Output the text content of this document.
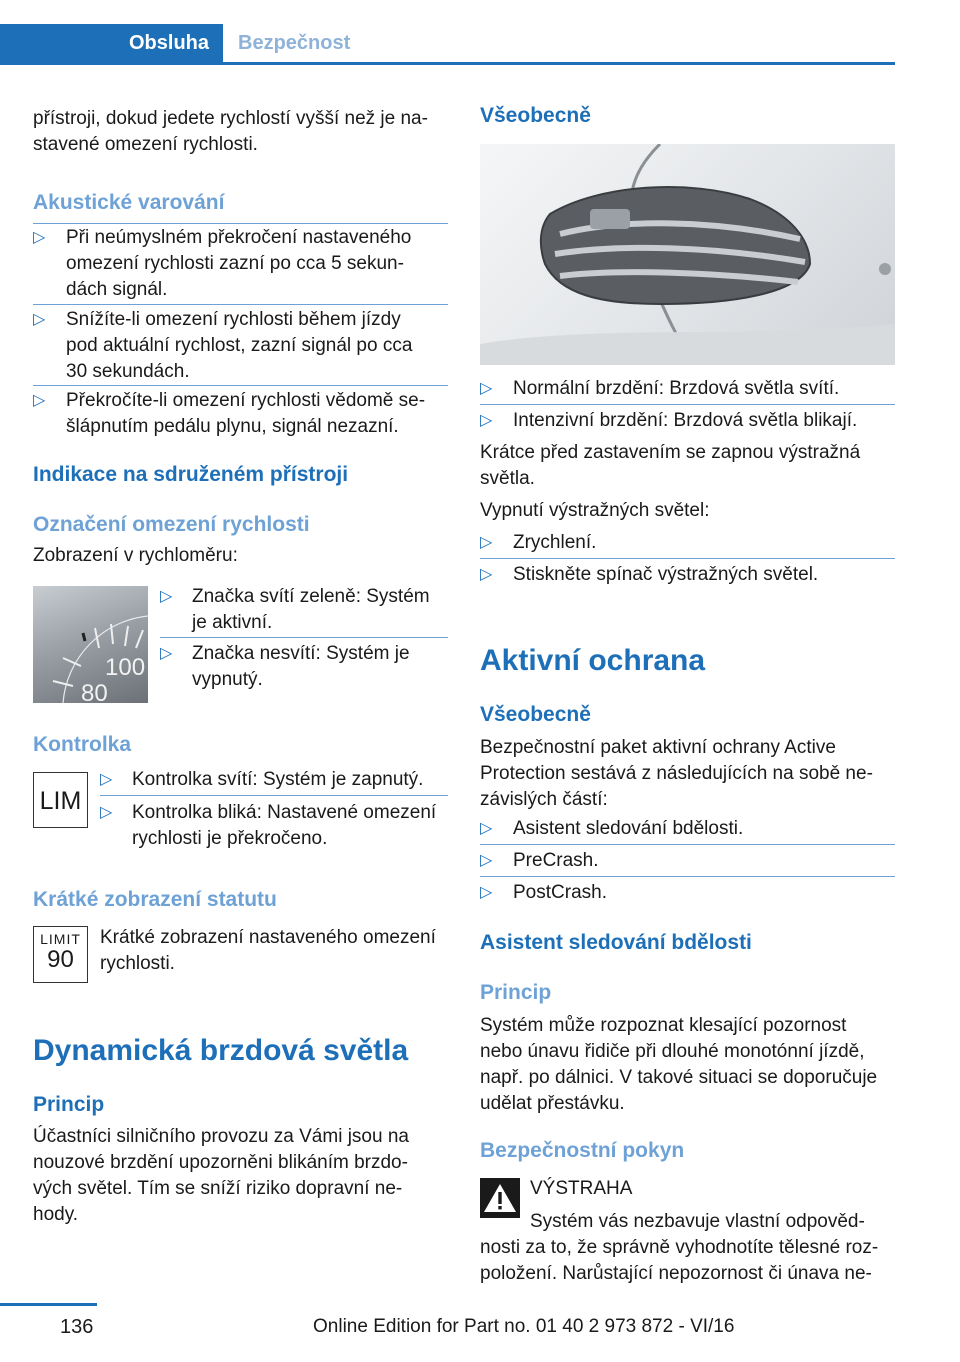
Obsluha	Bezpečnost
přístroji, dokud jedete rychlostí vyšší než je na-
stavené omezení rychlosti.
Akustické varování
▷ Při neúmyslném překročení nastaveného
omezení rychlosti zazní po cca 5 sekun-
dách signál.
▷ Snížíte-li omezení rychlosti během jízdy
pod aktuální rychlost, zazní signál po cca
30 sekundách.
▷ Překročíte-li omezení rychlosti vědomě se-
šlápnutím pedálu plynu, signál nezazní.
Indikace na sdruženém přístroji
Označení omezení rychlosti
Zobrazení v rychloměru:
100
80
▷ Značka svítí zeleně: Systém
je aktivní.
▷ Značka nesvítí: Systém je
vypnutý.
Kontrolka
LIM
▷ Kontrolka svítí: Systém je zapnutý.
▷ Kontrolka bliká: Nastavené omezení
rychlosti je překročeno.
Krátké zobrazení statutu
LIMIT
90
Krátké zobrazení nastaveného omezení
rychlosti.
Dynamická brzdová světla
Princip
Účastníci silničního provozu za Vámi jsou na
nouzové brzdění upozorněni blikáním brzdo-
vých světel. Tím se sníží riziko dopravní ne-
hody.
Všeobecně
▷ Normální brzdění: Brzdová světla svítí.
▷ Intenzivní brzdění: Brzdová světla blikají.
Krátce před zastavením se zapnou výstražná
světla.
Vypnutí výstražných světel:
▷ Zrychlení.
▷ Stiskněte spínač výstražných světel.
Aktivní ochrana
Všeobecně
Bezpečnostní paket aktivní ochrany Active
Protection sestává z následujících na sobě ne-
závislých částí:
▷ Asistent sledování bdělosti.
▷ PreCrash.
▷ PostCrash.
Asistent sledování bdělosti
Princip
Systém může rozpoznat klesající pozornost
nebo únavu řidiče při dlouhé monotónní jízdě,
např. po dálnici. V takové situaci se doporučuje
udělat přestávku.
Bezpečnostní pokyn
VÝSTRAHA
Systém vás nezbavuje vlastní odpověd-
nosti za to, že správně vyhodnotíte tělesné roz-
položení. Narůstající nepozornost či únava ne-
136	Online Edition for Part no. 01 40 2 973 872 - VI/16
